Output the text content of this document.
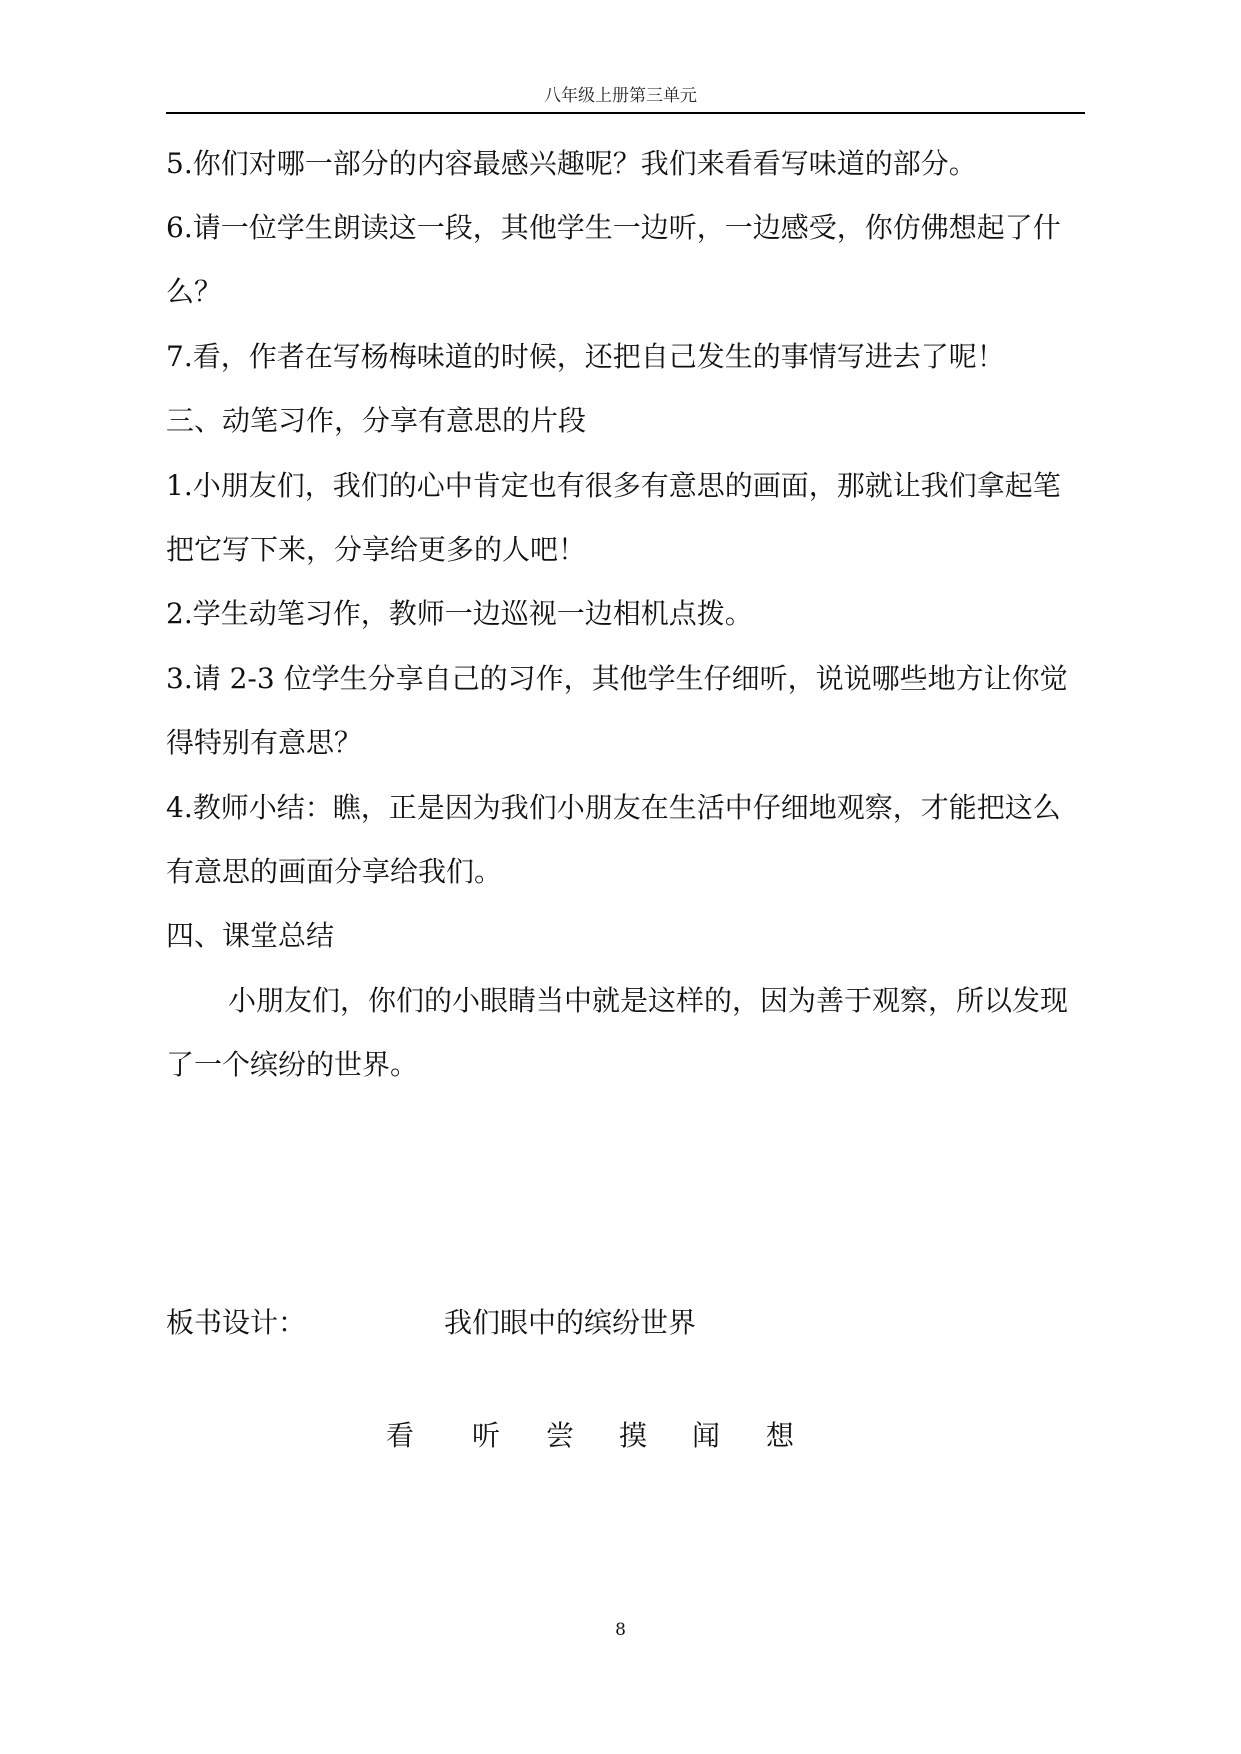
八年级上册第三单元
5.你们对哪一部分的内容最感兴趣呢？我们来看看写味道的部分。
6.请一位学生朗读这一段，其他学生一边听，一边感受，你仿佛想起了什
么？
7.看，作者在写杨梅味道的时候，还把自己发生的事情写进去了呢！
三、动笔习作，分享有意思的片段
1.小朋友们，我们的心中肯定也有很多有意思的画面，那就让我们拿起笔
把它写下来，分享给更多的人吧！
2.学生动笔习作，教师一边巡视一边相机点拨。
3.请 2-3 位学生分享自己的习作，其他学生仔细听，说说哪些地方让你觉
得特别有意思？
4.教师小结：瞧，正是因为我们小朋友在生活中仔细地观察，才能把这么
有意思的画面分享给我们。
四、课堂总结
小朋友们，你们的小眼睛当中就是这样的，因为善于观察，所以发现
了一个缤纷的世界。
板书设计：	我们眼中的缤纷世界
看 听 尝 摸 闻 想
8
